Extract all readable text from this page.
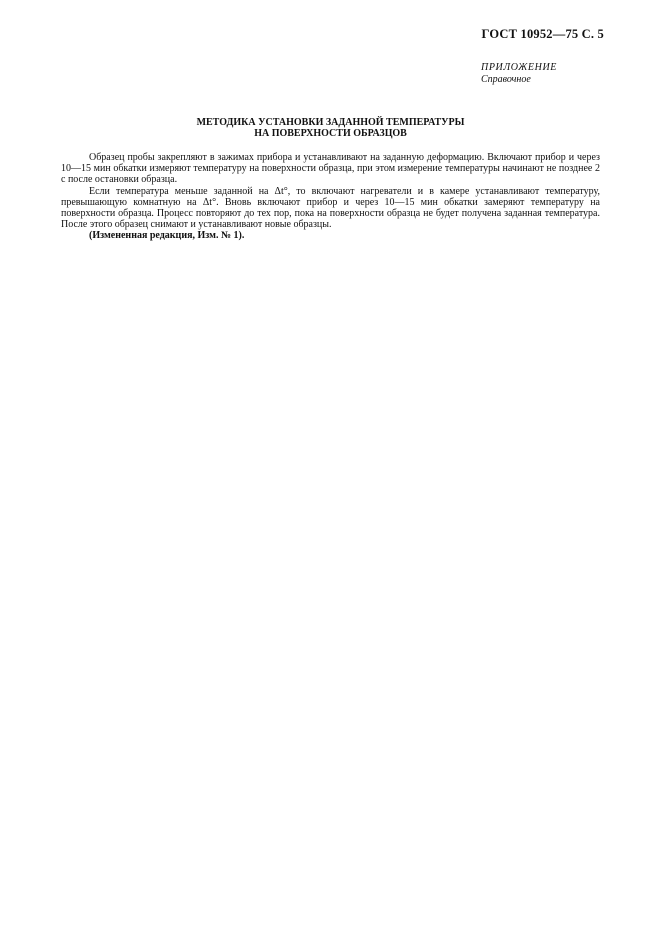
ГОСТ 10952—75 С. 5
ПРИЛОЖЕНИЕ
Справочное
МЕТОДИКА УСТАНОВКИ ЗАДАННОЙ ТЕМПЕРАТУРЫ
НА ПОВЕРХНОСТИ ОБРАЗЦОВ

Образец пробы закрепляют в зажимах прибора и устанавливают на заданную деформацию. Включают прибор и через 10—15 мин обкатки измеряют температуру на поверхности образца, при этом измерение температуры начинают не позднее 2 с после остановки образца.

Если температура меньше заданной на Δt°, то включают нагреватели и в камере устанавливают температуру, превышающую комнатную на Δt°. Вновь включают прибор и через 10—15 мин обкатки замеряют температуру на поверхности образца. Процесс повторяют до тех пор, пока на поверхности образца не будет получена заданная температура. После этого образец снимают и устанавливают новые образцы.

(Измененная редакция, Изм. № 1).
